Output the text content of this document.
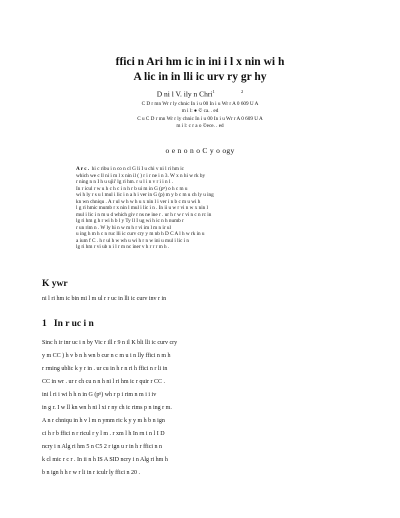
ffici n Ari hm ic in ini i l x nin wi h
A lic in in lli ic urv ry gr hy
D ni l V. ily n Chri$^1$	$^2$
C D r mn Wr r ly chnic In i u 00 In i u Wr r A 0 609 U A
m i l: ● © ca. . ed
C u C D r mn Wr r ly chnic In i u 00 In i u Wr r A 0 609 U A
m i l: c r a o ©ece. . ed
o e n o n o C y o ogy
A r c . hi c ribu i n co n cl G li I u chi v ni l ri hm ic
which we c ll ni i m l x nin il ( ) r i r ne i n 3. W x n hi w rk by
r ning n n I h u ujii' lg ri hm. r u l i n v r i i n l .
In r icul r w u h c h c i n h r b ui m in G (pⁿ) o h c m u
wi h ly r s u l mul i lic i n a h i ver in G (p) m y b c m u ch ly u ing
kn wn chniqu . A r ul w h w h u x nin l i ver i n b c m u wi h
l g ri hmic mumb r x nin l mul i lic i n . In ii u w r vi n w x nin l
mul i lic i n m u d which giv r ns ne ine r . ur h r w r vi n c n rc in
lg ri hm g h r wi h b l y Ty ll I ug wi h ic n h numb r
r un rim n . W ly hi n w m h r vi im l m n ir ul
u ing h m h c n ruc lli ic curv cry y m nb h D C A l h w rk in u
a ium f C . h r ul h w wh u wi h r n w ini u mul i lic i n
lg ri hm r vi ub n i l r m nc iner v h r r r m h .
K ywr
ni l ri hm ic bin mi l m ul r r uc in lli ic curv inv r in
1   In r uc i n
Sinc h ir inr uc i n by Vic r ill r 9 n il K bli lli ic curv cry
y m CC ) h v b n h wn b cur n c m u i n lly ffici n m h
r rming ublic k y r in . ur cu in h r n ri h ffici n r li in
CC in wr . ur r ch cu n n h ni l ri hm ic r quir r CC .
ini l ri i wi h h n in G (pⁿ) wh r p i rim n m i i iv
in g r. I w ll kn wn h ni l xi r ny ch ic rims p n ing r m.
A n r chniqu in h v l m n ymm ric k y y m h b n ign
ci h r b ffici n r ricul r y l m . r xm l h In rn i n l I D
ncry i n Alg ri hm 5 n C5 2 r ign u r in h r ffici n n
k cl mic r c r . In ii n h IS A SID ncry i n Alg ri hm h
b n ign h h r w r li in r iculr ly ffici n 20 .
